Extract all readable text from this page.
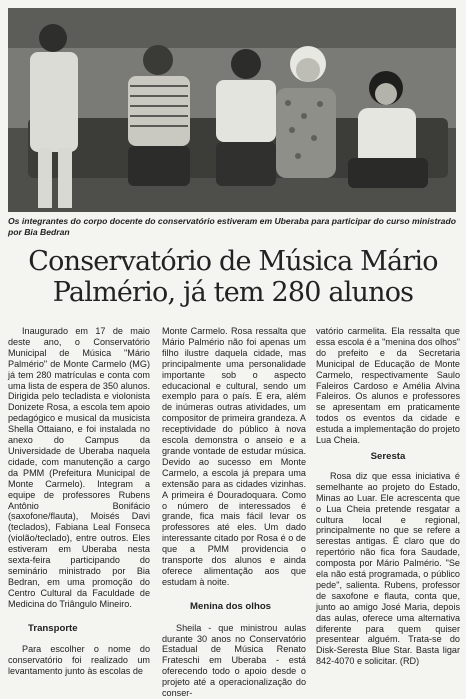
Os integrantes do corpo docente do conservatório estiveram em Uberaba para participar do curso ministrado por Bia Bedran
Conservatório de Música Mário
Palmério, já tem 280 alunos

Inaugurado em 17 de maio deste ano, o Conservatório Municipal de Música "Mário Palmério" de Monte Carmelo (MG) já tem 280 matrículas e conta com uma lista de espera de 350 alunos. Dirigida pelo tecladista e violonista Donizete Rosa, a escola tem apoio pedagógico e musical da musicista Shella Ottaiano, e foi instalada no anexo do Campus da Universidade de Uberaba naquela cidade, com manutenção a cargo da PMM (Prefeitura Municipal de Monte Carmelo). Integram a equipe de professores Rubens Antônio Bonifácio (saxofone/flauta), Moisés Davi (teclados), Fabiana Leal Fonseca (violão/teclado), entre outros. Eles estiveram em Uberaba nesta sexta-feira participando do seminário ministrado por Bia Bedran, em uma promoção do Centro Cultural da Faculdade de Medicina do Triângulo Mineiro.

Transporte

Para escolher o nome do conservatório foi realizado um levantamento junto às escolas de

Monte Carmelo. Rosa ressalta que Mário Palmério não foi apenas um filho ilustre daquela cidade, mas principalmente uma personalidade importante sob o aspecto educacional e cultural, sendo um exemplo para o país. E era, além de inúmeras outras atividades, um compositor de primeira grandeza. A receptividade do público à nova escola demonstra o anseio e a grande vontade de estudar música. Devido ao sucesso em Monte Carmelo, a escola já prepara uma extensão para as cidades vizinhas. A primeira é Douradoquara. Como o número de interessados é grande, fica mais fácil levar os professores até eles. Um dado interessante citado por Rosa é o de que a PMM providencia o transporte dos alunos e ainda oferece alimentação aos que estudam à noite.

Menina dos olhos

Sheila - que ministrou aulas durante 30 anos no Conservatório Estadual de Música Renato Frateschi em Uberaba - está oferecendo todo o apoio desde o projeto até a operacionalização do conser-

vatório carmelita. Ela ressalta que essa escola é a "menina dos olhos" do prefeito e da Secretaria Municipal de Educação de Monte Carmelo, respectivamente Saulo Faleiros Cardoso e Amélia Alvina Faleiros. Os alunos e professores se apresentam em praticamente todos os eventos da cidade e estuda a implementação do projeto Lua Cheia.

Seresta

Rosa diz que essa iniciativa é semelhante ao projeto do Estado, Minas ao Luar. Ele acrescenta que o Lua Cheia pretende resgatar a cultura local e regional, principalmente no que se refere a serestas antigas. É claro que do repertório não fica fora Saudade, composta por Mário Palmério. "Se ela não está programada, o público pede", salienta. Rubens, professor de saxofone e flauta, conta que, junto ao amigo José Maria, depois das aulas, oferece uma alternativa diferente para quem quiser presentear alguém. Trata-se do Disk-Seresta Blue Star. Basta ligar 842-4070 e solicitar. (RD)
